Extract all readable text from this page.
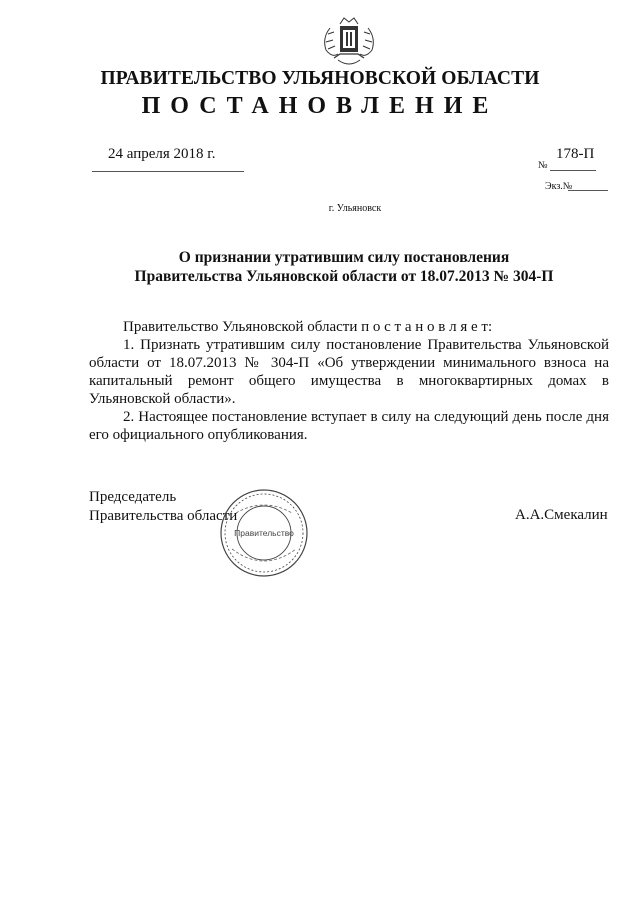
ПРАВИТЕЛЬСТВО УЛЬЯНОВСКОЙ ОБЛАСТИ
ПОСТАНОВЛЕНИЕ
24 апреля 2018 г.	178-П
№
Экз.№
г. Ульяновск
О признании утратившим силу постановления
Правительства Ульяновской области от 18.07.2013 № 304-П
Правительство Ульяновской области п о с т а н о в л я е т:
1. Признать утратившим силу постановление Правительства Ульяновской области от 18.07.2013 № 304-П «Об утверждении минимального взноса на капитальный ремонт общего имущества в многоквартирных домах в Ульяновской области».
2. Настоящее постановление вступает в силу на следующий день после дня его официального опубликования.
Председатель
Правительства области	А.А.Смекалин
Правительство
